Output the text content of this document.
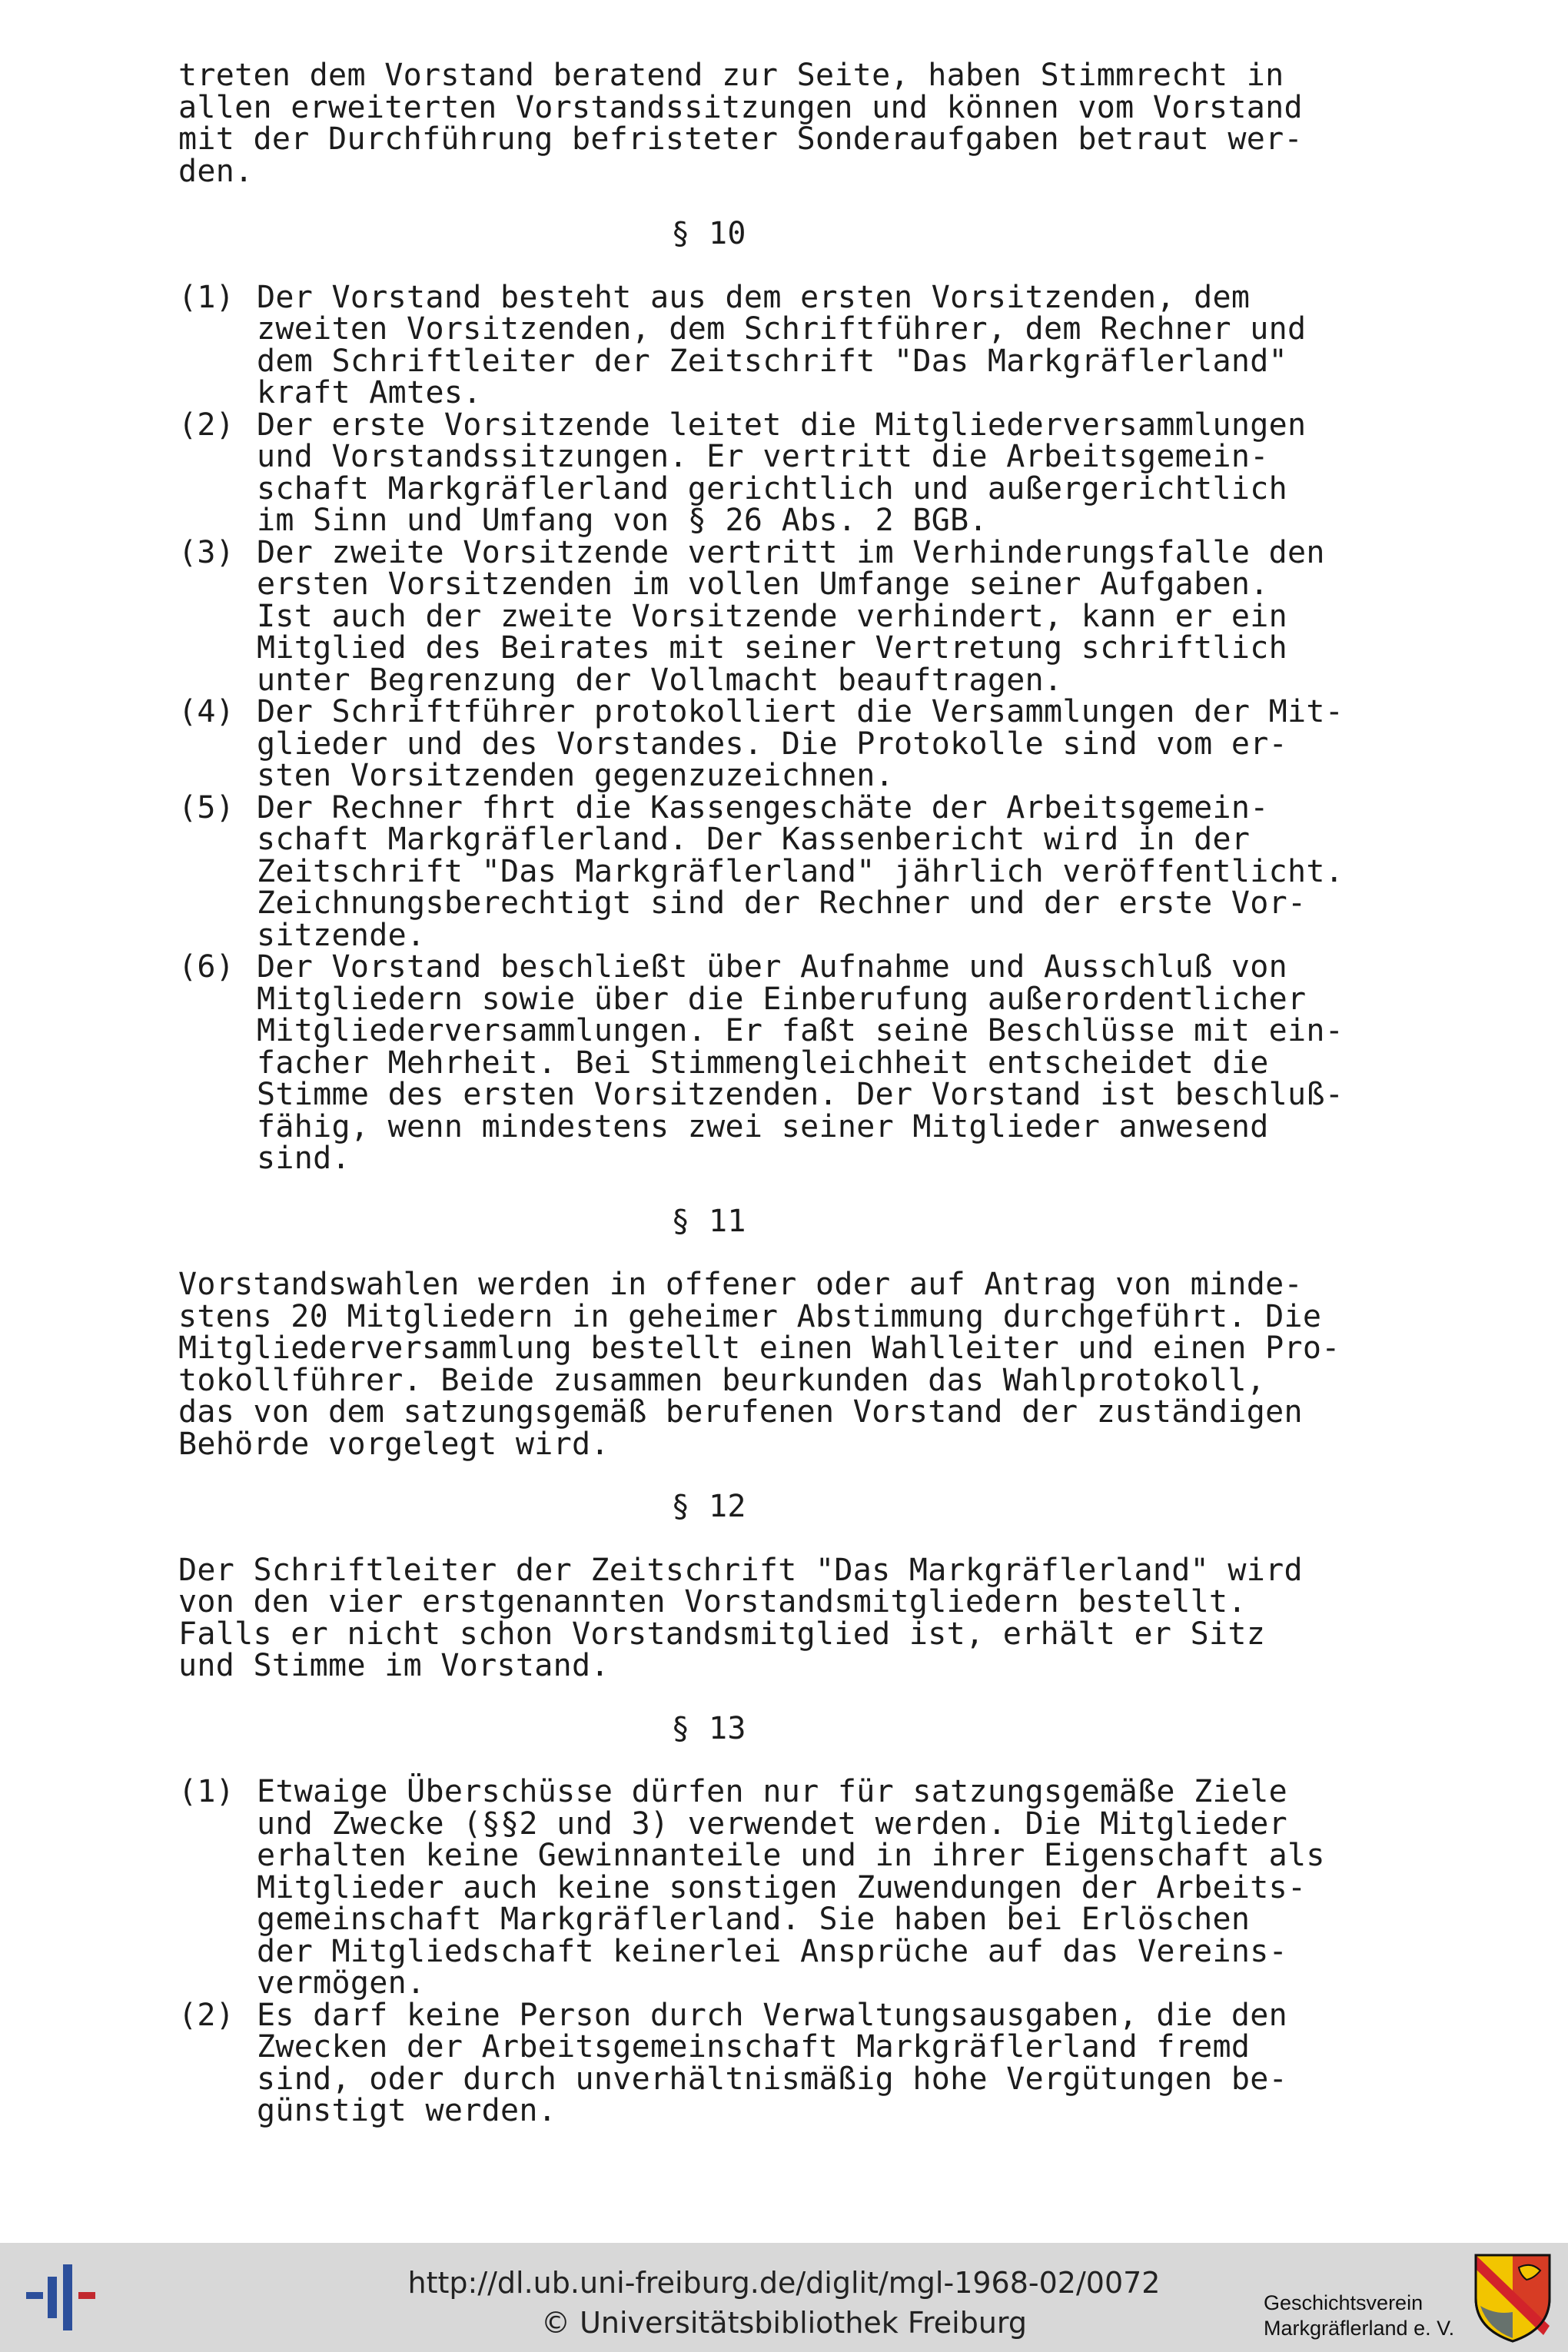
treten dem Vorstand beratend zur Seite, haben Stimmrecht in
allen erweiterten Vorstandssitzungen und können vom Vorstand
mit der Durchführung befristeter Sonderaufgaben betraut wer-
den.
§ 10
(1) Der Vorstand besteht aus dem ersten Vorsitzenden, dem
zweiten Vorsitzenden, dem Schriftführer, dem Rechner und
dem Schriftleiter der Zeitschrift "Das Markgräflerland"
kraft Amtes.
(2) Der erste Vorsitzende leitet die Mitgliederversammlungen
und Vorstandssitzungen. Er vertritt die Arbeitsgemein-
schaft Markgräflerland gerichtlich und außergerichtlich
im Sinn und Umfang von § 26 Abs. 2 BGB.
(3) Der zweite Vorsitzende vertritt im Verhinderungsfalle den
ersten Vorsitzenden im vollen Umfange seiner Aufgaben.
Ist auch der zweite Vorsitzende verhindert, kann er ein
Mitglied des Beirates mit seiner Vertretung schriftlich
unter Begrenzung der Vollmacht beauftragen.
(4) Der Schriftführer protokolliert die Versammlungen der Mit-
glieder und des Vorstandes. Die Protokolle sind vom er-
sten Vorsitzenden gegenzuzeichnen.
(5) Der Rechner fhrt die Kassengeschäte der Arbeitsgemein-
schaft Markgräflerland. Der Kassenbericht wird in der
Zeitschrift "Das Markgräflerland" jährlich veröffentlicht.
Zeichnungsberechtigt sind der Rechner und der erste Vor-
sitzende.
(6) Der Vorstand beschließt über Aufnahme und Ausschluß von
Mitgliedern sowie über die Einberufung außerordentlicher
Mitgliederversammlungen. Er faßt seine Beschlüsse mit ein-
facher Mehrheit. Bei Stimmengleichheit entscheidet die
Stimme des ersten Vorsitzenden. Der Vorstand ist beschluß-
fähig, wenn mindestens zwei seiner Mitglieder anwesend
sind.
§ 11
Vorstandswahlen werden in offener oder auf Antrag von minde-
stens 20 Mitgliedern in geheimer Abstimmung durchgeführt. Die
Mitgliederversammlung bestellt einen Wahlleiter und einen Pro-
tokollführer. Beide zusammen beurkunden das Wahlprotokoll,
das von dem satzungsgemäß berufenen Vorstand der zuständigen
Behörde vorgelegt wird.
§ 12
Der Schriftleiter der Zeitschrift "Das Markgräflerland" wird
von den vier erstgenannten Vorstandsmitgliedern bestellt.
Falls er nicht schon Vorstandsmitglied ist, erhält er Sitz
und Stimme im Vorstand.
§ 13
(1) Etwaige Überschüsse dürfen nur für satzungsgemäße Ziele
und Zwecke (§§2 und 3) verwendet werden. Die Mitglieder
erhalten keine Gewinnanteile und in ihrer Eigenschaft als
Mitglieder auch keine sonstigen Zuwendungen der Arbeits-
gemeinschaft Markgräflerland. Sie haben bei Erlöschen
der Mitgliedschaft keinerlei Ansprüche auf das Vereins-
vermögen.
(2) Es darf keine Person durch Verwaltungsausgaben, die den
Zwecken der Arbeitsgemeinschaft Markgräflerland fremd
sind, oder durch unverhältnismäßig hohe Vergütungen be-
günstigt werden.
http://dl.ub.uni-freiburg.de/diglit/mgl-1968-02/0072
© Universitätsbibliothek Freiburg
Geschichtsverein
Markgräflerland e. V.
